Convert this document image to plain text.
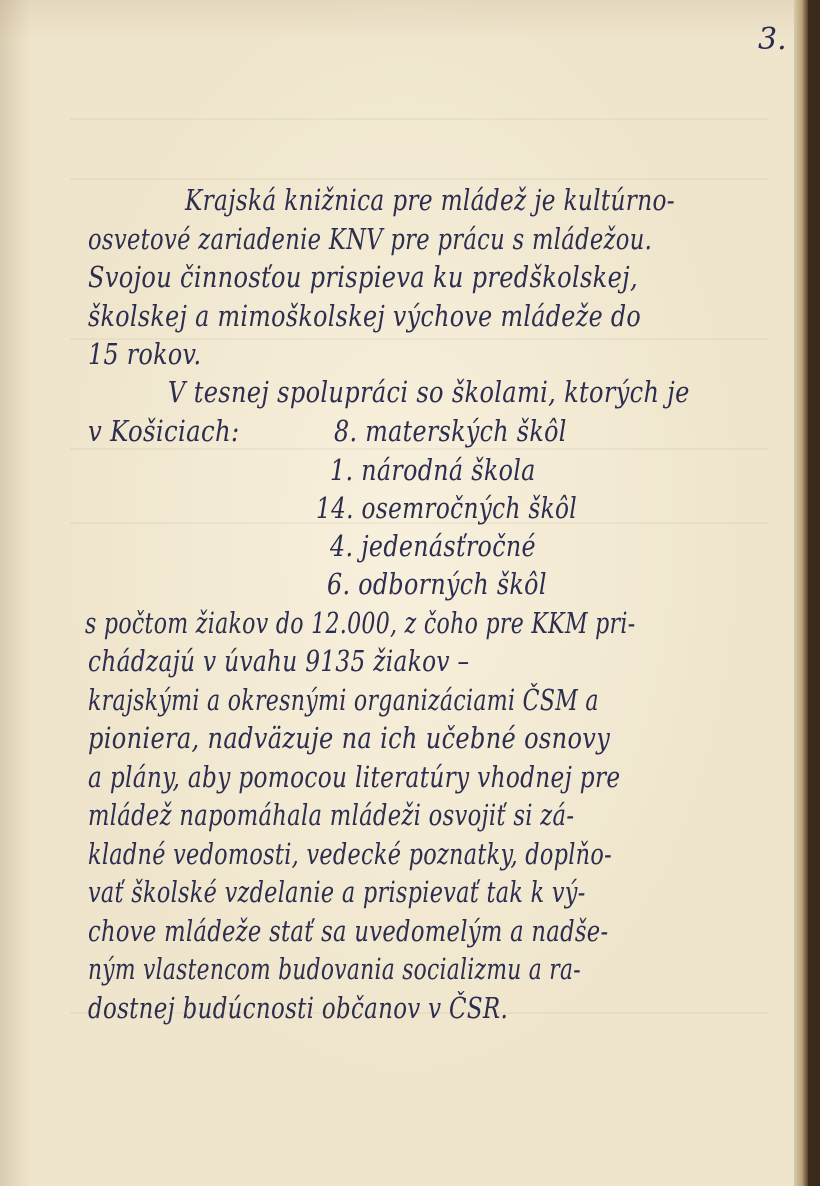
3.
Krajská knižnica pre mládež je kultúrno-
osvetové zariadenie KNV pre prácu s mládežou.
Svojou činnosťou prispieva ku predškolskej,
školskej a mimoškolskej výchove mládeže do
15 rokov.
V tesnej spolupráci so školami, ktorých je
v Košiciach:	8. materských škôl
1. národná škola
14. osemročných škôl
4. jedenásťročné
6. odborných škôl
s počtom žiakov do 12.000, z čoho pre KKM pri-
chádzajú v úvahu 9135 žiakov –
krajskými a okresnými organizáciami ČSM a
pioniera, nadväzuje na ich učebné osnovy
a plány, aby pomocou literatúry vhodnej pre
mládež napomáhala mládeži osvojiť si zá-
kladné vedomosti, vedecké poznatky, doplňo-
vať školské vzdelanie a prispievať tak k vý-
chove mládeže stať sa uvedomelým a nadše-
ným vlastencom budovania socializmu a ra-
dostnej budúcnosti občanov v ČSR.
